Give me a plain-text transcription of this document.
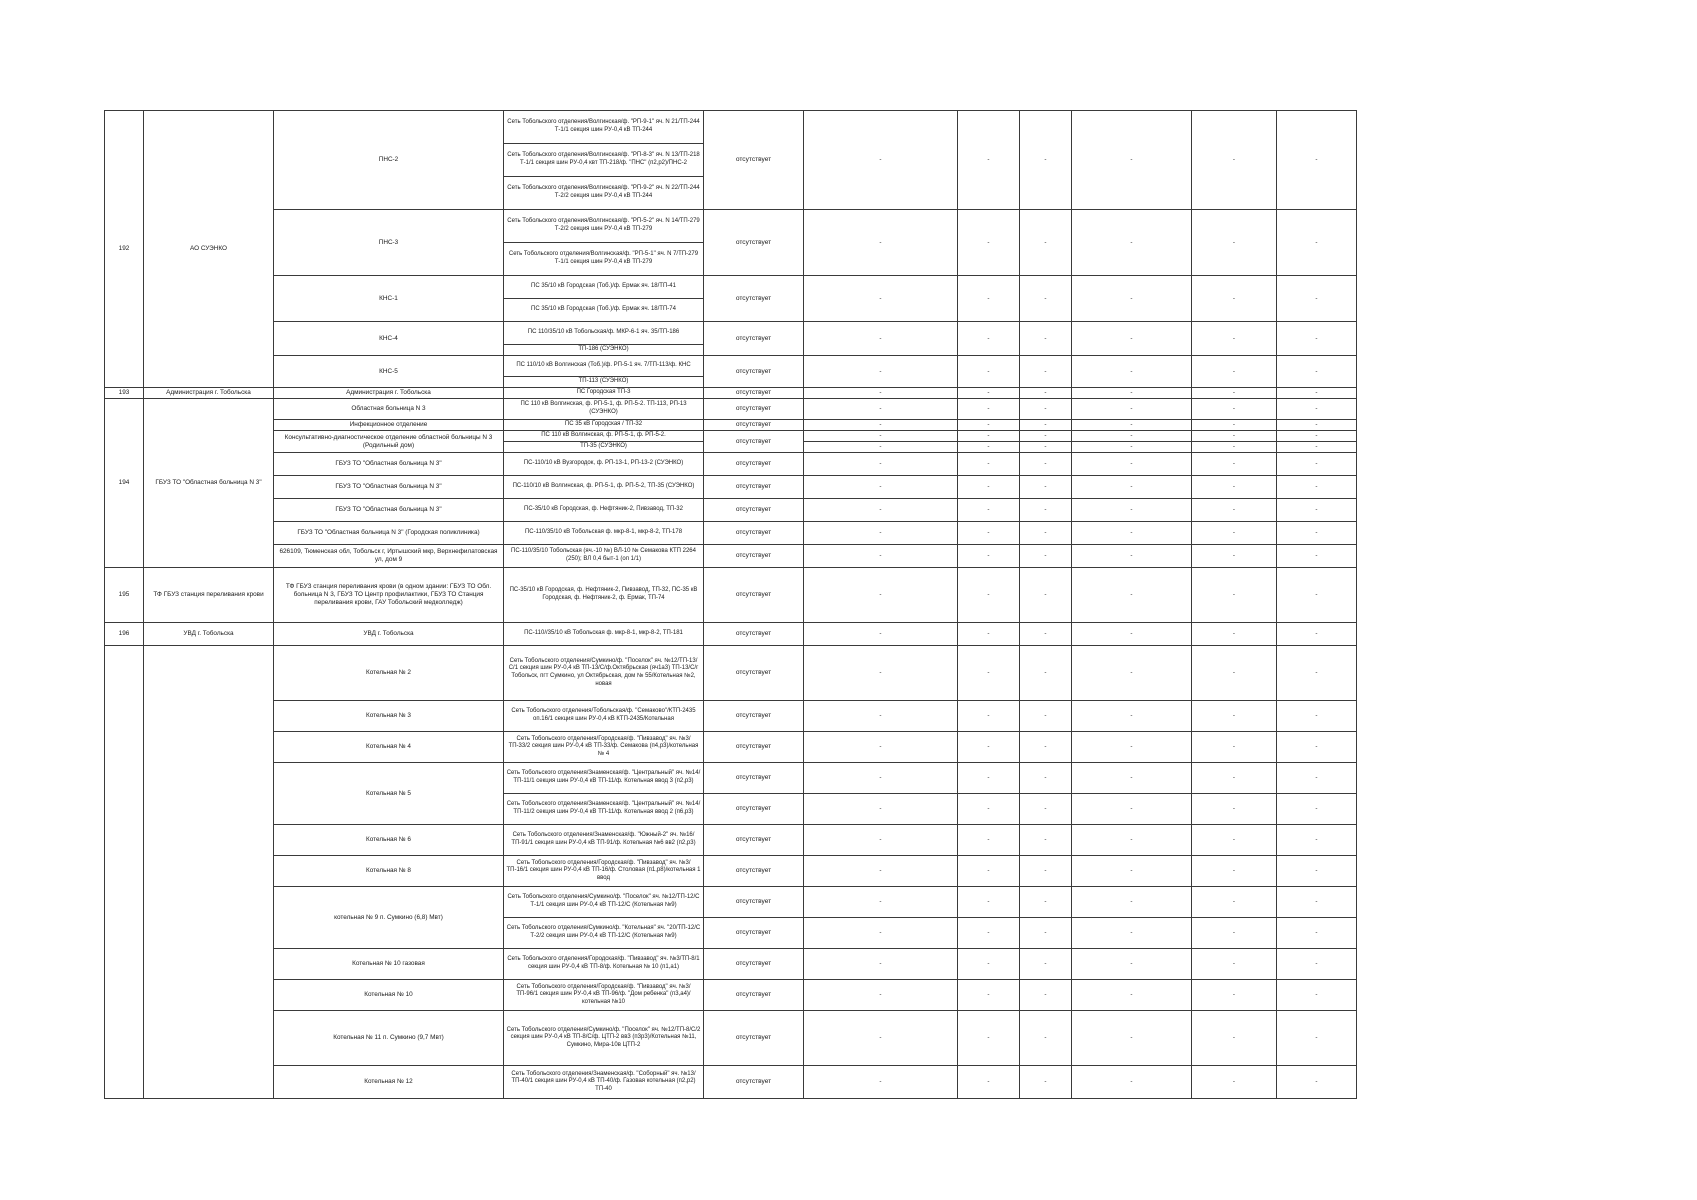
192	АО СУЭНКО	ПНС-2	Сеть Тобольского отделения/Волгинская/ф. "РП-9-1" яч. N 21/ТП-244 Т-1/1 секция шин РУ-0,4 кВ ТП-244	отсутствует	-	-	-	-	-	-
			Сеть Тобольского отделения/Волгинская/ф. "РП-8-3" яч. N 13/ТП-218 Т-1/1 секция шин РУ-0,4 квт ТП-218/ф. "ПНС" (п2,р2)/ПНС-2							
			Сеть Тобольского отделения/Волгинская/ф. "РП-9-2" яч. N 22/ТП-244 Т-2/2 секция шин РУ-0,4 кВ ТП-244							
		ПНС-3	Сеть Тобольского отделения/Волгинская/ф. "РП-5-2" яч. N 14/ТП-279 Т-2/2 секция шин РУ-0,4 кВ ТП-279	отсутствует	-	-	-	-	-	-
			Сеть Тобольского отделения/Волгинская/ф. "РП-5-1" яч. N 7/ТП-279 Т-1/1 секция шин РУ-0,4 кВ ТП-279							
		КНС-1	ПС 35/10 кВ Городская (Тоб.)/ф. Ермак яч. 18/ТП-41	отсутствует	-	-	-	-	-	-
			ПС 35/10 кВ Городская (Тоб.)/ф. Ермак яч. 18/ТП-74							
		КНС-4	ПС 110/35/10 кВ Тобольская/ф. МКР-6-1 яч. 35/ТП-186	отсутствует	-	-	-	-	-	-
			ТП-186 (СУЭНКО)							
		КНС-5	ПС 110/10 кВ Волгинская (Тоб.)/ф. РП-5-1 яч. 7/ТП-113/ф. КНС	отсутствует	-	-	-	-	-	-
			ТП-113 (СУЭНКО)							
193	Администрация г. Тобольска	Администрация г. Тобольска	ПС Городская ТП-3	отсутствует	-	-	-	-	-	-
194	ГБУЗ ТО "Областная больница N 3"	Областная больница N 3	ПС 110 кВ Волгинская, ф. РП-5-1, ф. РП-5-2. ТП-113, РП-13 (СУЭНКО)	отсутствует	-	-	-	-	-	-
		Инфекционное отделение	ПС 35 кВ Городская / ТП-32	отсутствует	-	-	-	-	-	-
		Консультативно-диагностическое отделение областной больницы N 3 (Родильный дом)	ПС 110 кВ Волгинская, ф. РП-5-1, ф. РП-5-2.	отсутствует	-	-	-	-	-	-
			ТП-35 (СУЭНКО)		-	-	-	-	-	-
		ГБУЗ ТО "Областная больница N 3"	ПС-110/10 кВ Вузгородок, ф. РП-13-1, РП-13-2 (СУЭНКО)	отсутствует	-	-	-	-	-	-
		ГБУЗ ТО "Областная больница N 3"	ПС-110/10 кВ Волгинская, ф. РП-5-1, ф. РП-5-2, ТП-35 (СУЭНКО)	отсутствует	-	-	-	-	-	-
		ГБУЗ ТО "Областная больница N 3"	ПС-35/10 кВ Городская, ф. Нефтяник-2, Пивзавод, ТП-32	отсутствует	-	-	-	-	-	-
		ГБУЗ ТО "Областная больница N 3" (Городская поликлиника)	ПС-110/35/10 кВ Тобольская ф. мкр-8-1, мкр-8-2, ТП-178	отсутствует	-	-	-	-	-	-
		626109, Тюменская обл, Тобольск г, Иртышский мкр, Верхнефилатовская ул, дом 9	ПС-110/35/10 Тобольская (яч.-10 №) ВЛ-10 № Семакова КТП 2264 (250); ВЛ 0,4 быт-1 (оп 1/1)	отсутствует	-	-	-	-	-	-
195	ТФ ГБУЗ станция переливания крови	ТФ ГБУЗ станция переливания крови (в одном здании: ГБУЗ ТО Обл. больница N 3, ГБУЗ ТО Центр профилактики, ГБУЗ ТО Станция переливания крови, ГАУ Тобольский медколледж)	ПС-35/10 кВ Городская, ф. Нефтяник-2, Пивзавод, ТП-32, ПС-35 кВ Городская, ф. Нефтяник-2, ф. Ермак, ТП-74	отсутствует	-	-	-	-	-	-
196	УВД г. Тобольска	УВД г. Тобольска	ПС-110//35/10 кВ Тобольская ф. мкр-8-1, мкр-8-2, ТП-181	отсутствует	-	-	-	-	-	-
		Котельная № 2	Сеть Тобольского отделения/Сумкино/ф. "Поселок" яч. №12/ТП-13/С/1 секция шин РУ-0,4 кВ ТП-13/С/ф.Октябрьская (яч1а3) ТП-13/С/г Тобольск, пгт Сумкино, ул Октябрьская, дом № 55/Котельная №2, новая	отсутствует	-	-	-	-	-	-
		Котельная № 3	Сеть Тобольского отделения/Тобольская/ф. "Семаково"/КТП-2435 оп.16/1 секция шин РУ-0,4 кВ КТП-2435/Котельная	отсутствует	-	-	-	-	-	-
		Котельная № 4	Сеть Тобольского отделения/Городская/ф. "Пивзавод" яч. №3/ТП-33/2 секция шин РУ-0,4 кВ ТП-33/ф. Семакова (п4,р3)/котельная № 4	отсутствует	-	-	-	-	-	-
		Котельная № 5	Сеть Тобольского отделения/Знаменская/ф. "Центральный" яч. №14/ТП-11/1 секция шин РУ-0,4 кВ ТП-11/ф. Котельная ввод 3 (п2,р3)	отсутствует	-	-	-	-	-	-
			Сеть Тобольского отделения/Знаменская/ф. "Центральный" яч. №14/ТП-11/2 секция шин РУ-0,4 кВ ТП-11/ф. Котельная ввод 2 (п6,р3)	отсутствует	-	-	-	-	-	-
		Котельная № 6	Сеть Тобольского отделения/Знаменская/ф. "Южный-2" яч. №16/ТП-91/1 секция шин РУ-0,4 кВ ТП-91/ф. Котельная №6 вв2 (п2,р3)	отсутствует	-	-	-	-	-	-
		Котельная № 8	Сеть Тобольского отделения/Городская/ф. "Пивзавод" яч. №3/ТП-16/1 секция шин РУ-0,4 кВ ТП-16/ф. Столовая (п1,р8)/котельная 1 ввод	отсутствует	-	-	-	-	-	-
		котельная № 9 п. Сумкино (6,8) Мвт)	Сеть Тобольского отделения/Сумкино/ф. "Поселок" яч. №12/ТП-12/С Т-1/1 секция шин РУ-0,4 кВ ТП-12/С (Котельная №9)	отсутствует	-	-	-	-	-	-
			Сеть Тобольского отделения/Сумкино/ф. "Котельная" яч. "20/ТП-12/С Т-2/2 секция шин РУ-0,4 кВ ТП-12/С (Котельная №9)	отсутствует	-	-	-	-	-	-
		Котельная № 10 газовая	Сеть Тобольского отделения/Городская/ф. "Пивзавод" яч. №3/ТП-8/1 секция шин РУ-0,4 кВ ТП-8/ф. Котельная № 10 (п1,а1)	отсутствует	-	-	-	-	-	-
		Котельная № 10	Сеть Тобольского отделения/Городская/ф. "Пивзавод" яч. №3/ТП-96/1 секция шин РУ-0,4 кВ ТП-96/ф. "Дом ребенка" (п3,а4)/котельная №10	отсутствует	-	-	-	-	-	-
		Котельная № 11 п. Сумкино (9,7 Мвт)	Сеть Тобольского отделения/Сумкино/ф. "Поселок" яч. №12/ТП-8/С/2 секция шин РУ-0,4 кВ ТП-8/С/ф. ЦТП-2 вв3 (п3р3)/Котельная №11, Сумкино, Мира-10в ЦТП-2	отсутствует	-	-	-	-	-	-
		Котельная № 12	Сеть Тобольского отделения/Знаменская/ф. "Соборный" яч. №13/ТП-40/1 секция шин РУ-0,4 кВ ТП-40/ф. Газовая котельная (п2,р2) ТП-40	отсутствует	-	-	-	-	-	-
